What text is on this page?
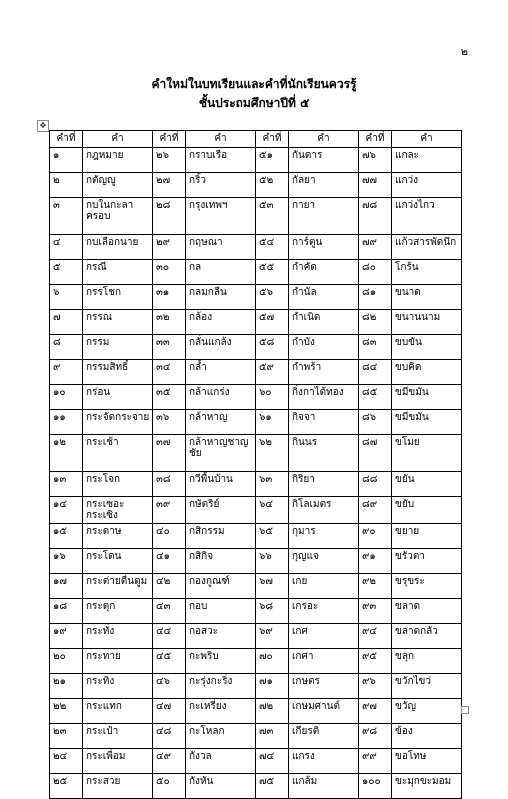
๒
คำใหม่ในบทเรียนและคำที่นักเรียนควรรู้
ชั้นประถมศึกษาปีที่ ๕
✥
คำที่	คำ	คำที่	คำ	คำที่	คำ	คำที่	คำ
๑	กฎหมาย	๒๖	กราบเรือ	๕๑	กันดาร	๗๖	แกละ
๒	กตัญญู	๒๗	กริ้ว	๕๒	กัลยา	๗๗	แกว่ง
๓	กบในกะลาครอบ	๒๘	กรุงเทพฯ	๕๓	กายา	๗๘	แกว่งไกว
๔	กบเลือกนาย	๒๙	กฤษณา	๕๔	การ์ตูน	๗๙	แก้วสารพัดนึก
๕	กรณี	๓๐	กล	๕๕	กำคัด	๘๐	โกร้น
๖	กรรโชก	๓๑	กลมกลืน	๕๖	กำนัล	๘๑	ขนาด
๗	กรรณ	๓๒	กล้อง	๕๗	กำเนิด	๘๒	ขนานนาม
๘	กรรม	๓๓	กลั่นแกล้ง	๕๘	กำบัง	๘๓	ขบขัน
๙	กรรมสิทธิ์	๓๔	กล้ำ	๕๙	กำพร้า	๘๔	ขบคิด
๑๐	กร่อน	๓๕	กล้าแกร่ง	๖๐	กิ่งกาได้ทอง	๘๕	ขมีขมัน
๑๑	กระจัดกระจาย	๓๖	กล้าหาญ	๖๑	กิจจา	๘๖	ขมีขมัน
๑๒	กระเช้า	๓๗	กล้าหาญชาญชัย	๖๒	กินนร	๘๗	ขโมย
๑๓	กระโจก	๓๘	กวีพื้นบ้าน	๖๓	กิริยา	๘๘	ขยัน
๑๔	กระเซอะกระเซิง	๓๙	กษัตริย์	๖๔	กิโลเมตร	๘๙	ขยับ
๑๕	กระดาษ	๔๐	กสิกรรม	๖๕	กุมาร	๙๐	ขยาย
๑๖	กระโดน	๔๑	กสิกิจ	๖๖	กุญแจ	๙๑	ขรัวตา
๑๗	กระต่ายตื่นตูม	๔๒	กองกูณฑ์	๖๗	เกย	๙๒	ขรุขระ
๑๘	กระตุก	๔๓	กอบ	๖๘	เกรอะ	๙๓	ขลาด
๑๙	กระทั่ง	๔๔	กอสวะ	๖๙	เกศ	๙๔	ขลาดกลัว
๒๐	กระทาย	๔๕	กะพริบ	๗๐	เกศา	๙๕	ขลุก
๒๑	กระทิง	๔๖	กะรุ่งกะริ่ง	๗๑	เกษตร	๙๖	ขวักไขว่
๒๒	กระแทก	๔๗	กะเหรี่ยง	๗๒	เกษมศานต์	๙๗	ขวัญ
๒๓	กระเป๋า	๔๘	กะโหลก	๗๓	เกียรติ	๙๘	ข้อง
๒๔	กระเพื่อม	๔๙	กังวล	๗๔	แกรง	๙๙	ขอโทษ
๒๕	กระสวย	๕๐	กังหัน	๗๕	แกล้ม	๑๐๐	ขะมุกขะมอม
